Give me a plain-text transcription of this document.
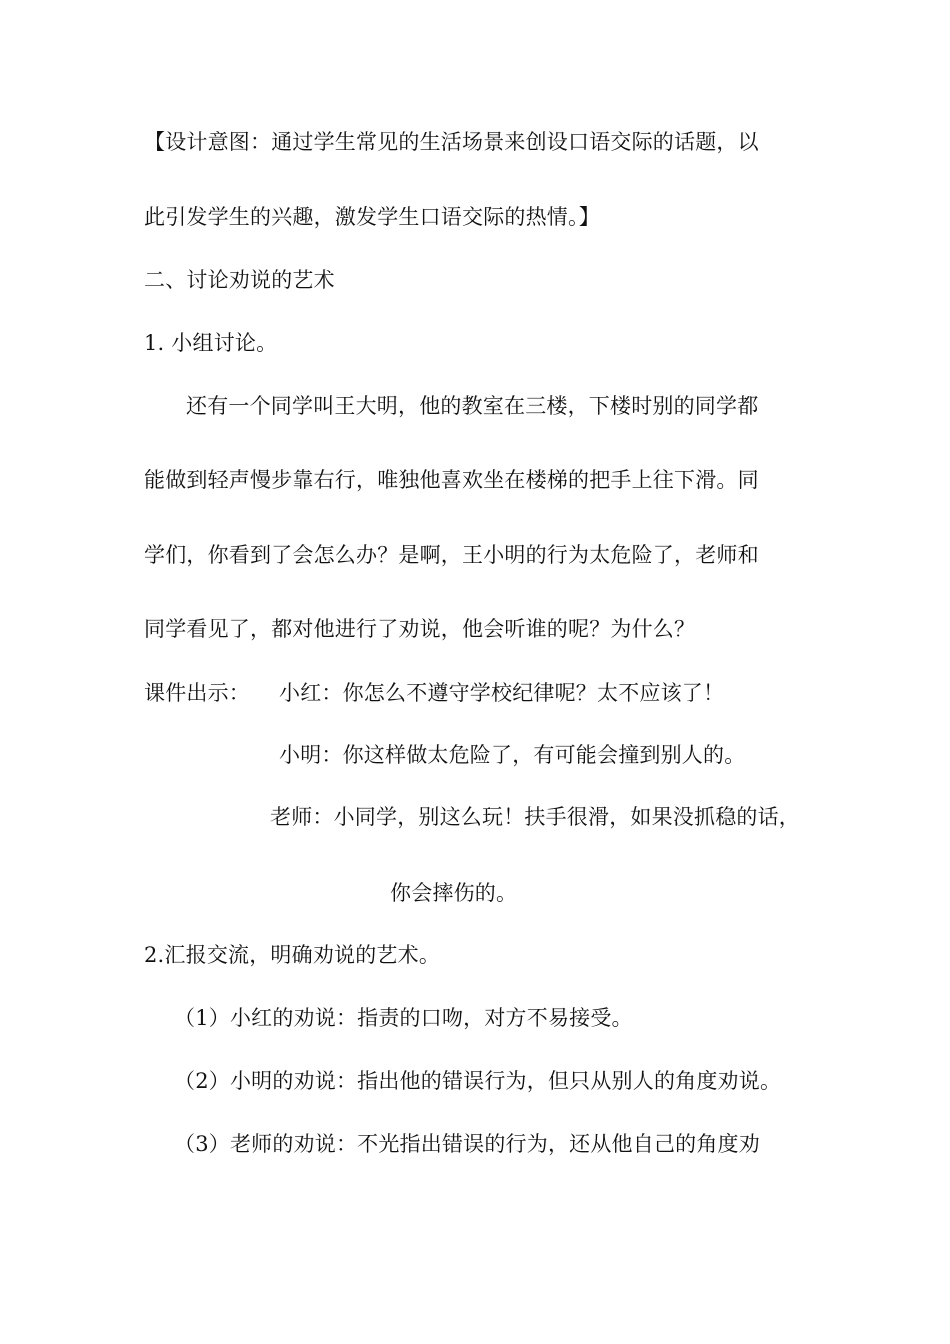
【设计意图：通过学生常见的生活场景来创设口语交际的话题，以
此引发学生的兴趣，激发学生口语交际的热情。】
二、讨论劝说的艺术
1. 小组讨论。
还有一个同学叫王大明，他的教室在三楼，下楼时别的同学都
能做到轻声慢步靠右行，唯独他喜欢坐在楼梯的把手上往下滑。同
学们，你看到了会怎么办？是啊，王小明的行为太危险了，老师和
同学看见了，都对他进行了劝说，他会听谁的呢？为什么？
课件出示： 小红：你怎么不遵守学校纪律呢？太不应该了！
小明：你这样做太危险了，有可能会撞到别人的。
老师：小同学，别这么玩！扶手很滑，如果没抓稳的话，
你会摔伤的。
2.汇报交流，明确劝说的艺术。
（1）小红的劝说：指责的口吻，对方不易接受。
（2）小明的劝说：指出他的错误行为，但只从别人的角度劝说。
（3）老师的劝说：不光指出错误的行为，还从他自己的角度劝
